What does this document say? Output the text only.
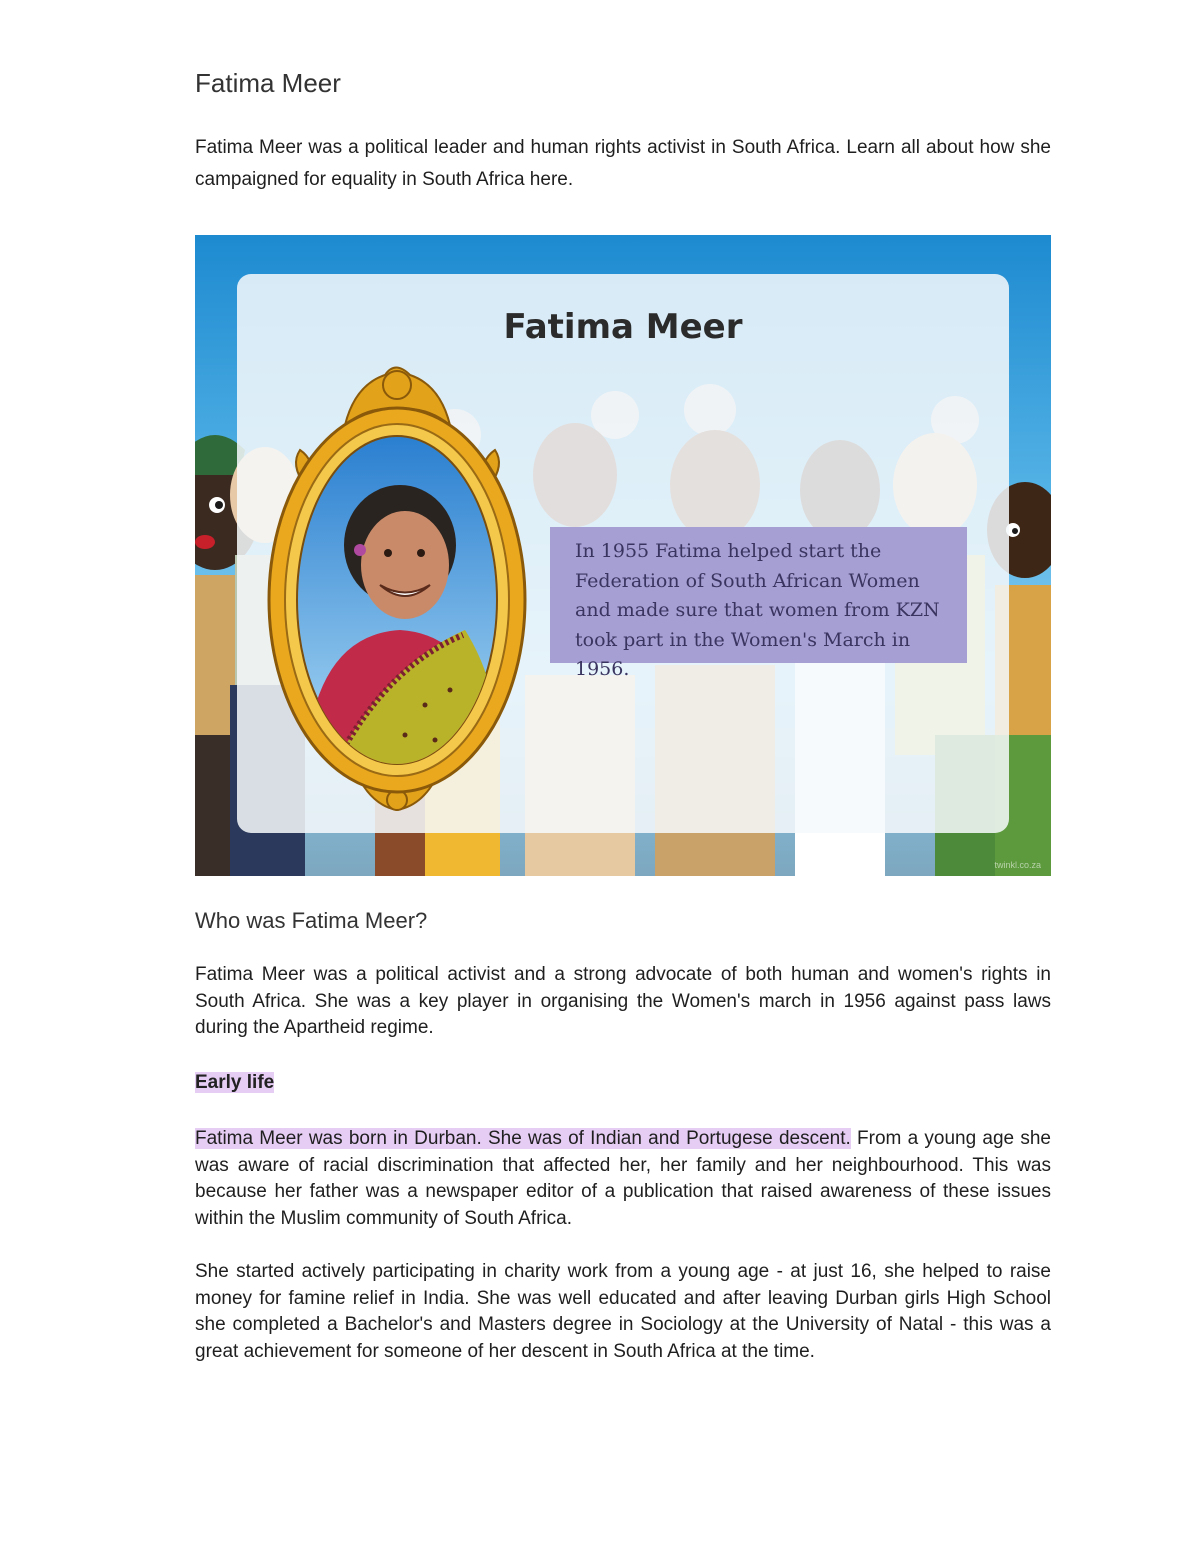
Fatima Meer

Fatima Meer was a political leader and human rights activist in South Africa. Learn all about how she campaigned for equality in South Africa here.

Fatima Meer

In 1955 Fatima helped start the Federation of South African Women and made sure that women from KZN took part in the Women's March in 1956.

twinkl.co.za
Who was Fatima Meer?

Fatima Meer was a political activist and a strong advocate of both human and women's rights in South Africa. She was a key player in organising the Women's march in 1956 against pass laws during the Apartheid regime.

Early life

Fatima Meer was born in Durban. She was of Indian and Portugese descent. From a young age she was aware of racial discrimination that affected her, her family and her neighbourhood. This was because her father was a newspaper editor of a publication that raised awareness of these issues within the Muslim community of South Africa.

She started actively participating in charity work from a young age - at just 16, she helped to raise money for famine relief in India. She was well educated and after leaving Durban girls High School she completed a Bachelor's and Masters degree in Sociology at the University of Natal - this was a great achievement for someone of her descent in South Africa at the time.
